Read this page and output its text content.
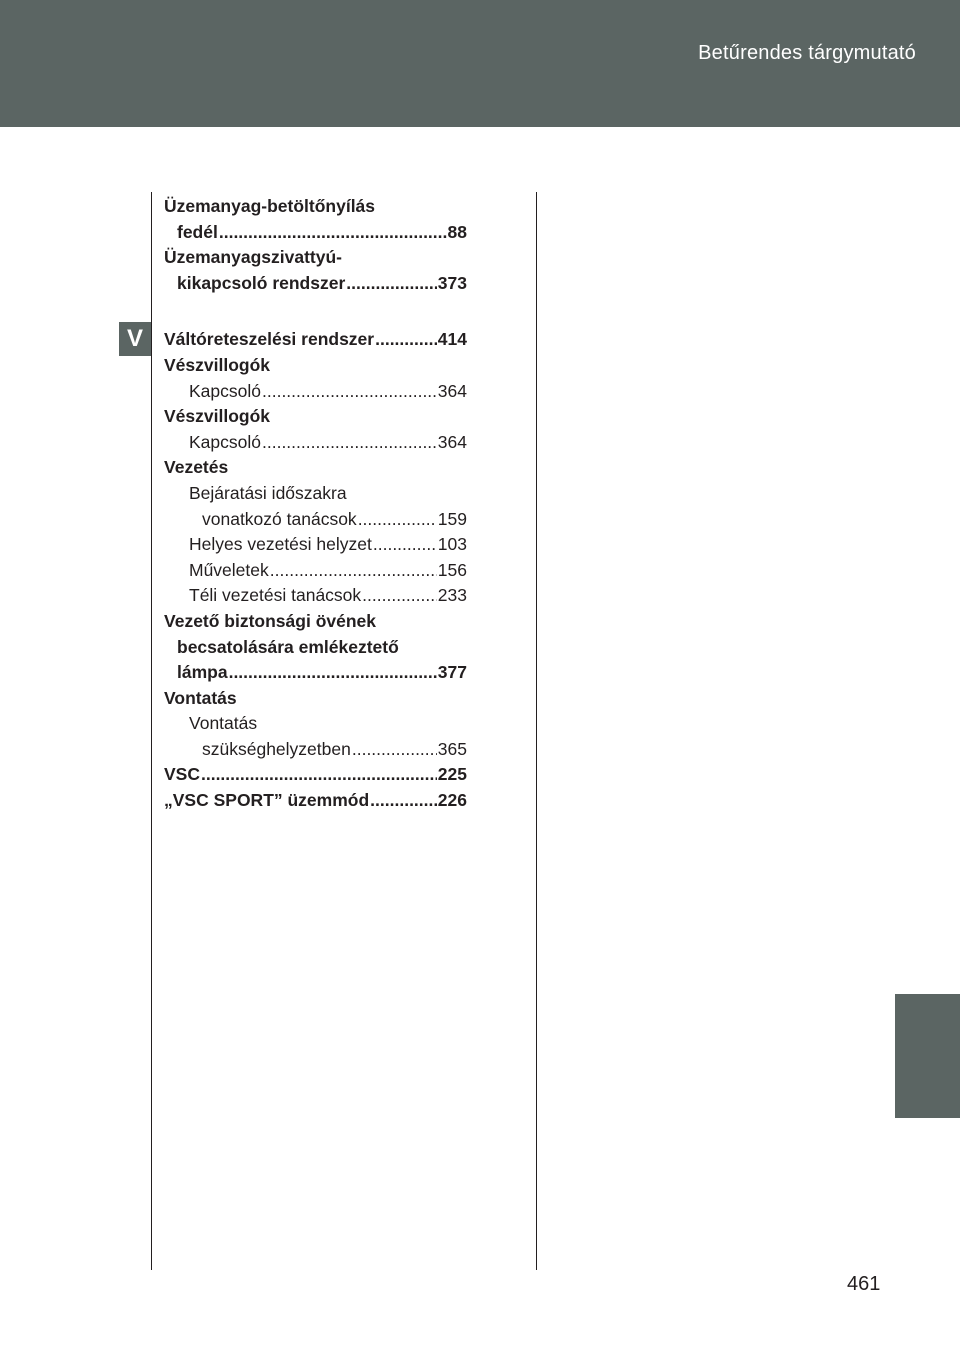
Betűrendes tárgymutató
V
Üzemanyag-betöltőnyílás
fedél .....	88
Üzemanyagszivattyú-
kikapcsoló rendszer .....	373
Váltóreteszelési rendszer .....	414
Vészvillogók
Kapcsoló .....	364
Vészvillogók
Kapcsoló .....	364
Vezetés
Bejáratási időszakra
vonatkozó tanácsok .....	159
Helyes vezetési helyzet .....	103
Műveletek .....	156
Téli vezetési tanácsok .....	233
Vezető biztonsági övének
becsatolására emlékeztető
lámpa .....	377
Vontatás
Vontatás
szükséghelyzetben .....	365
VSC .....	225
„VSC SPORT” üzemmód .....	226
461
